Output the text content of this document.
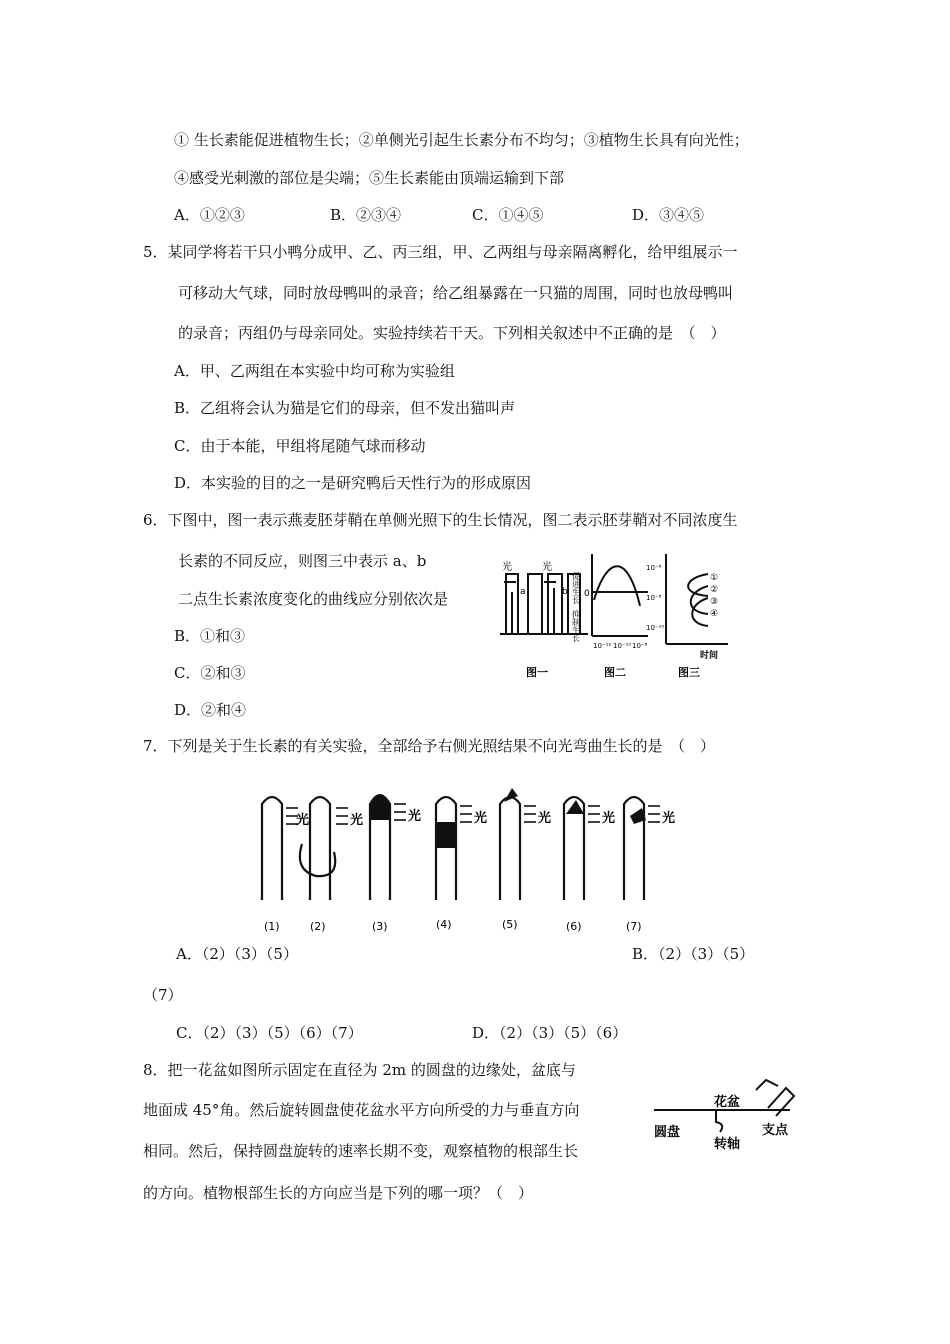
① 生长素能促进植物生长；②单侧光引起生长素分布不均匀；③植物生长具有向光性；
④感受光刺激的部位是尖端；⑤生长素能由顶端运输到下部
A．①②③	B．②③④	C．①④⑤	D．③④⑤
5．某同学将若干只小鸭分成甲、乙、丙三组，甲、乙两组与母亲隔离孵化，给甲组展示一
可移动大气球，同时放母鸭叫的录音；给乙组暴露在一只猫的周围，同时也放母鸭叫
的录音；丙组仍与母亲同处。实验持续若干天。下列相关叙述中不正确的是　（　）
A．甲、乙两组在本实验中均可称为实验组
B．乙组将会认为猫是它们的母亲，但不发出猫叫声
C．由于本能，甲组将尾随气球而移动
D．本实验的目的之一是研究鸭后天性行为的形成原因
6．下图中，图一表示燕麦胚芽鞘在单侧光照下的生长情况，图二表示胚芽鞘对不同浓度生
长素的不同反应，则图三中表示 a、b
二点生长素浓度变化的曲线应分别依次是
B．①和③
C．②和③
D．②和④
光	光
a	b 促进生长 0
抑制生长
10⁻¹² 10⁻¹⁰ 10⁻⁸
10⁻⁶
10⁻⁸
10⁻¹⁰
①
②
③
④
时间
图一	图二	图三
7．下列是关于生长素的有关实验，全部给予右侧光照结果不向光弯曲生长的是　（　）
光	光	光	光	光	光	光
(1)	(2)	(3)	(4)	(5)	(6)	(7)
A．（2）（3）（5）	B．（2）（3）（5）
（7）
C．（2）（3）（5）（6）（7）	D．（2）（3）（5）（6）
8．把一花盆如图所示固定在直径为 2m 的圆盘的边缘处，盆底与
地面成 45°角。然后旋转圆盘使花盆水平方向所受的力与垂直方向
相同。然后，保持圆盘旋转的速率长期不变，观察植物的根部生长
的方向。植物根部生长的方向应当是下列的哪一项？（　）
花盆
圆盘
转轴
支点
